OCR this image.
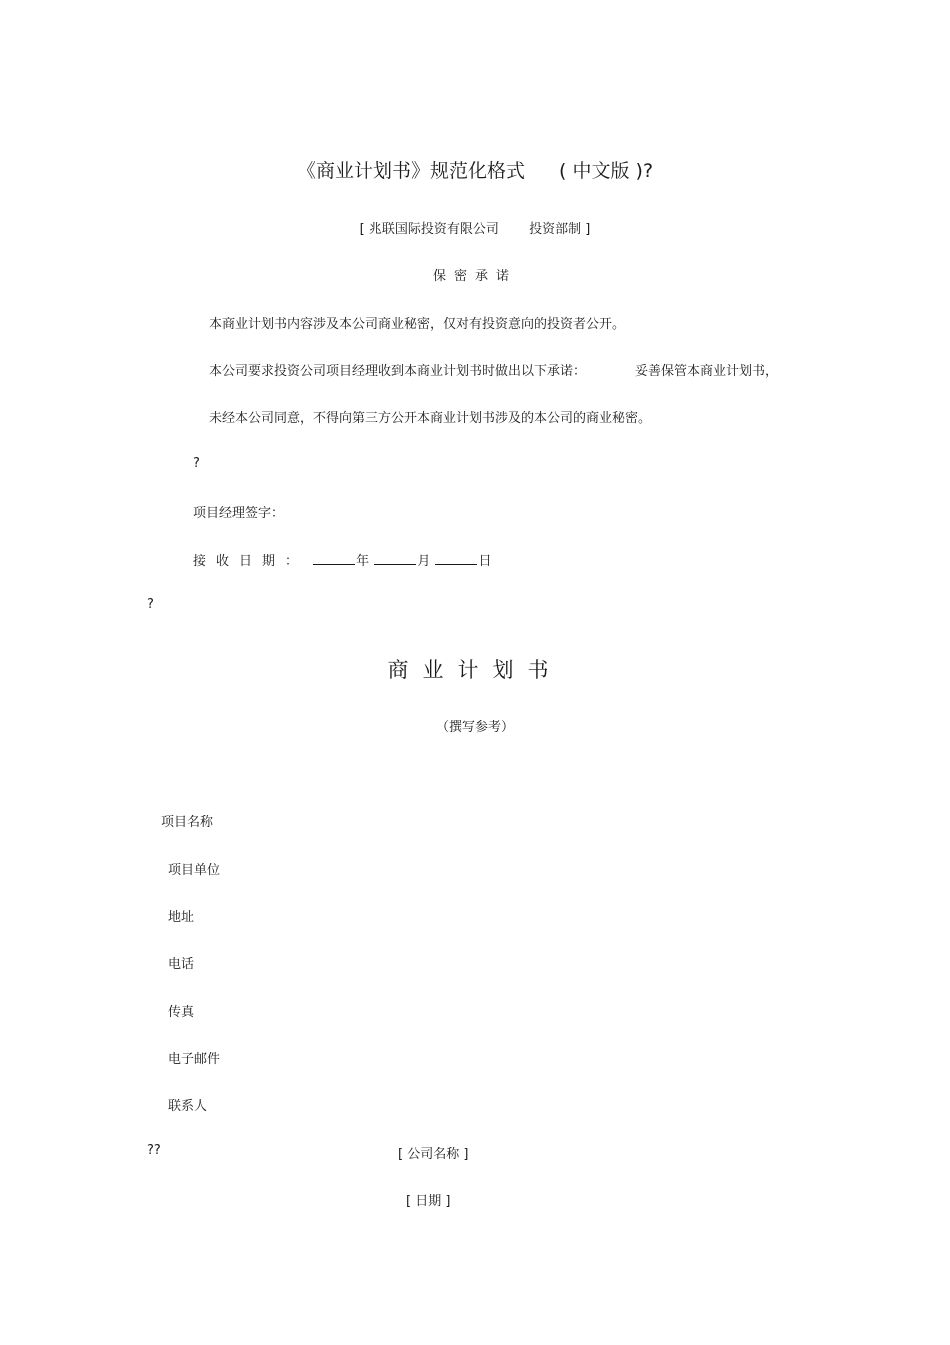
《商业计划书》规范化格式 ( 中文版 )?
[ 兆联国际投资有限公司 投资部制 ]
保密承诺
本商业计划书内容涉及本公司商业秘密，仅对有投资意向的投资者公开。
本公司要求投资公司项目经理收到本商业计划书时做出以下承诺：	妥善保管本商业计划书，
未经本公司同意，不得向第三方公开本商业计划书涉及的本公司的商业秘密。
?
项目经理签字：
接收日期：	年	月	日
?
商业计划书
（撰写参考）
项目名称
项目单位
地址
电话
传真
电子邮件
联系人
??	[ 公司名称 ]
[ 日期 ]
